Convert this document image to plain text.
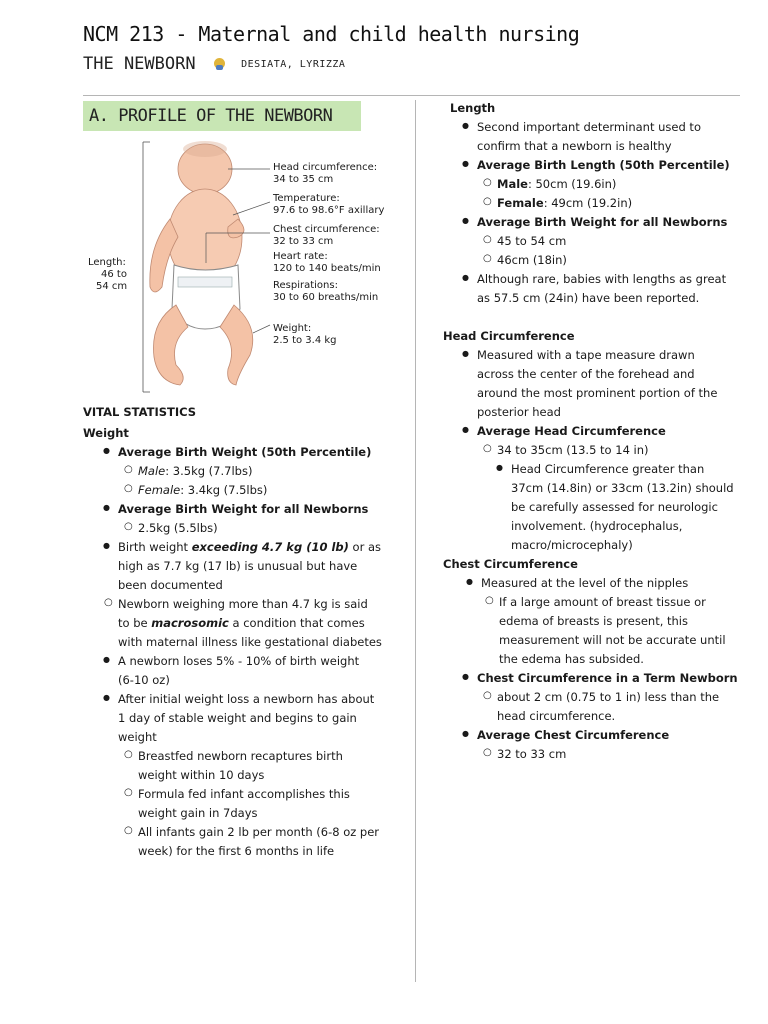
NCM 213 - Maternal and child health nursing
THE NEWBORN	DESIATA, LYRIZZA
A. PROFILE OF THE NEWBORN
Length:
46 to
54 cm
Head circumference:
34 to 35 cm
Temperature:
97.6 to 98.6°F axillary
Chest circumference:
32 to 33 cm
Heart rate:
120 to 140 beats/min
Respirations:
30 to 60 breaths/min
Weight:
2.5 to 3.4 kg
VITAL STATISTICS
Weight
● Average Birth Weight (50th Percentile)
○ Male: 3.5kg (7.7lbs)
○ Female: 3.4kg (7.5lbs)
● Average Birth Weight for all Newborns
○ 2.5kg (5.5lbs)
● Birth weight exceeding 4.7 kg (10 lb) or as
high as 7.7 kg (17 lb) is unusual but have
been documented
○ Newborn weighing more than 4.7 kg is said
to be macrosomic a condition that comes
with maternal illness like gestational diabetes
● A newborn loses 5% - 10% of birth weight
(6-10 oz)
● After initial weight loss a newborn has about
1 day of stable weight and begins to gain
weight
○ Breastfed newborn recaptures birth
weight within 10 days
○ Formula fed infant accomplishes this
weight gain in 7days
○ All infants gain 2 lb per month (6-8 oz per
week) for the first 6 months in life
Length
● Second important determinant used to
confirm that a newborn is healthy
● Average Birth Length (50th Percentile)
○ Male: 50cm (19.6in)
○ Female: 49cm (19.2in)
● Average Birth Weight for all Newborns
○ 45 to 54 cm
○ 46cm (18in)
● Although rare, babies with lengths as great
as 57.5 cm (24in) have been reported.
Head Circumference
● Measured with a tape measure drawn
across the center of the forehead and
around the most prominent portion of the
posterior head
● Average Head Circumference
○ 34 to 35cm (13.5 to 14 in)
● Head Circumference greater than
37cm (14.8in) or 33cm (13.2in) should
be carefully assessed for neurologic
involvement. (hydrocephalus,
macro/microcephaly)
Chest Circumference
● Measured at the level of the nipples
○ If a large amount of breast tissue or
edema of breasts is present, this
measurement will not be accurate until
the edema has subsided.
● Chest Circumference in a Term Newborn
○ about 2 cm (0.75 to 1 in) less than the
head circumference.
● Average Chest Circumference
○ 32 to 33 cm
